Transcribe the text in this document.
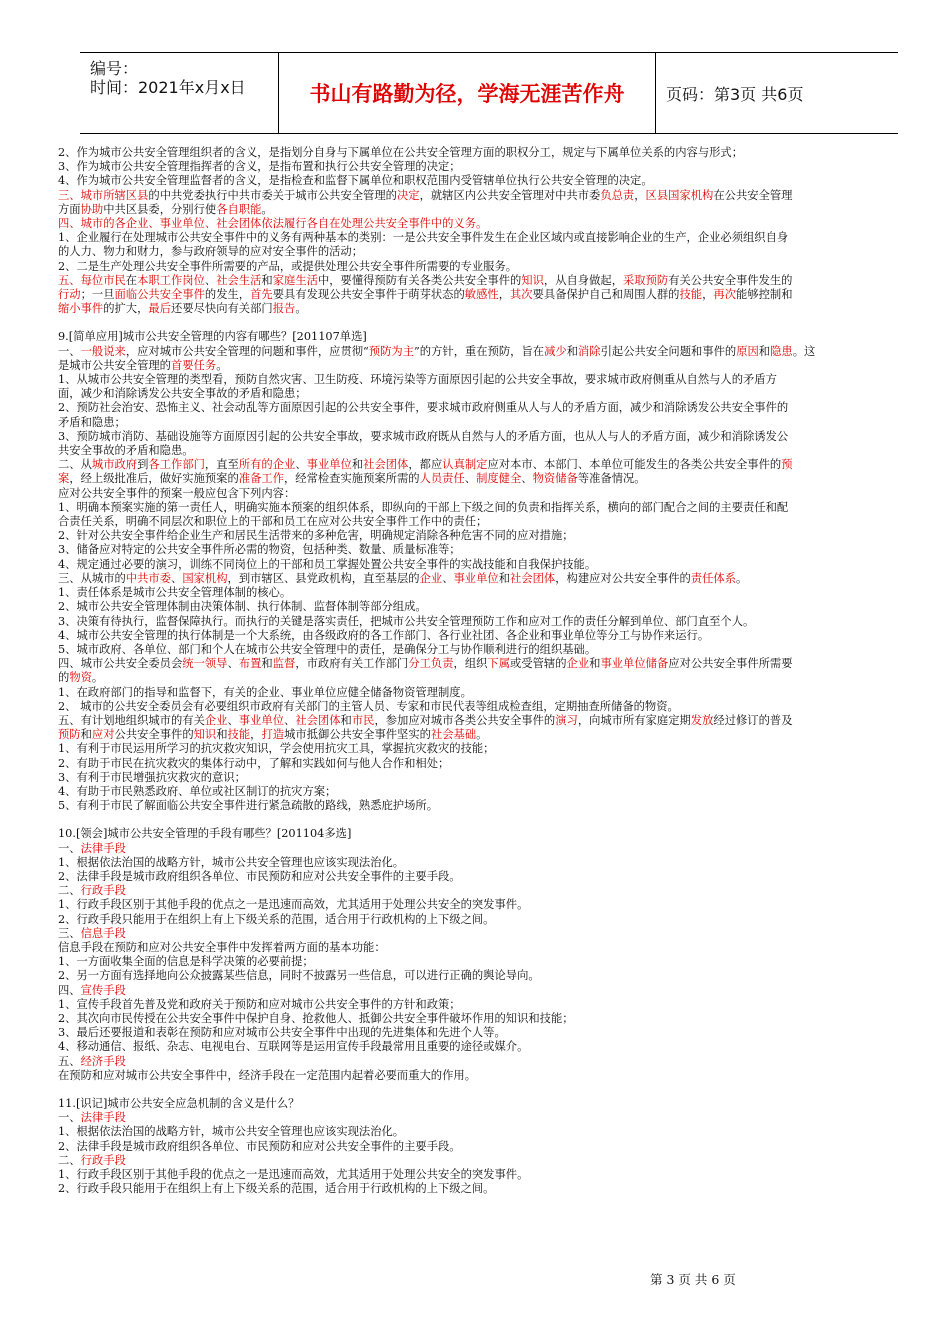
编号：
时间：2021年x月x日	书山有路勤为径，学海无涯苦作舟	页码：第3页 共6页

2、作为城市公共安全管理组织者的含义，是指划分自身与下属单位在公共安全管理方面的职权分工，规定与下属单位关系的内容与形式；

3、作为城市公共安全管理指挥者的含义，是指布置和执行公共安全管理的决定；

4、作为城市公共安全管理监督者的含义，是指检查和监督下属单位和职权范围内受管辖单位执行公共安全管理的决定。

三、城市所辖区县的中共党委执行中共市委关于城市公共安全管理的决定，就辖区内公共安全管理对中共市委负总责，区县国家机构在公共安全管理

方面协助中共区县委，分别行使各自职能。

四、城市的各企业、事业单位、社会团体依法履行各自在处理公共安全事件中的义务。

1、企业履行在处理城市公共安全事件中的义务有两种基本的类别：一是公共安全事件发生在企业区域内或直接影响企业的生产，企业必须组织自身

的人力、物力和财力，参与政府领导的应对安全事件的活动；

2、二是生产处理公共安全事件所需要的产品，或提供处理公共安全事件所需要的专业服务。

五、每位市民在本职工作岗位、社会生活和家庭生活中，要懂得预防有关各类公共安全事件的知识，从自身做起，采取预防有关公共安全事件发生的

行动；一旦面临公共安全事件的发生，首先要具有发现公共安全事件于萌芽状态的敏感性，其次要具备保护自己和周围人群的技能，再次能够控制和

缩小事件的扩大，最后还要尽快向有关部门报告。

9.[简单应用]城市公共安全管理的内容有哪些？[201107单选]

一、一般说来，应对城市公共安全管理的问题和事件，应贯彻“预防为主”的方针，重在预防，旨在减少和消除引起公共安全问题和事件的原因和隐患。这

是城市公共安全管理的首要任务。

1、从城市公共安全管理的类型看，预防自然灾害、卫生防疫、环境污染等方面原因引起的公共安全事故，要求城市政府侧重从自然与人的矛盾方

面，减少和消除诱发公共安全事故的矛盾和隐患；

2、预防社会治安、恐怖主义、社会动乱等方面原因引起的公共安全事件，要求城市政府侧重从人与人的矛盾方面，减少和消除诱发公共安全事件的

矛盾和隐患；

3、预防城市消防、基础设施等方面原因引起的公共安全事故，要求城市政府既从自然与人的矛盾方面，也从人与人的矛盾方面，减少和消除诱发公

共安全事故的矛盾和隐患。

二、从城市政府到各工作部门，直至所有的企业、事业单位和社会团体，都应认真制定应对本市、本部门、本单位可能发生的各类公共安全事件的预

案，经上级批准后，做好实施预案的准备工作，经常检查实施预案所需的人员责任、制度健全、物资储备等准备情况。

应对公共安全事件的预案一般应包含下列内容：

1、明确本预案实施的第一责任人，明确实施本预案的组织体系，即纵向的干部上下级之间的负责和指挥关系，横向的部门配合之间的主要责任和配

合责任关系，明确不同层次和职位上的干部和员工在应对公共安全事件工作中的责任；

2、针对公共安全事件给企业生产和居民生活带来的多种危害，明确规定消除各种危害不同的应对措施；

3、储备应对特定的公共安全事件所必需的物资，包括种类、数量、质量标准等；

4、规定通过必要的演习，训练不同岗位上的干部和员工掌握处置公共安全事件的实战技能和自我保护技能。

三、从城市的中共市委、国家机构，到市辖区、县党政机构，直至基层的企业、事业单位和社会团体，构建应对公共安全事件的责任体系。

1、责任体系是城市公共安全管理体制的核心。

2、城市公共安全管理体制由决策体制、执行体制、监督体制等部分组成。

3、决策有待执行，监督保障执行。而执行的关键是落实责任，把城市公共安全管理预防工作和应对工作的责任分解到单位、部门直至个人。

4、城市公共安全管理的执行体制是一个大系统，由各级政府的各工作部门、各行业社团、各企业和事业单位等分工与协作来运行。

5、城市政府、各单位、部门和个人在城市公共安全管理中的责任，是确保分工与协作顺利进行的组织基础。

四、城市公共安全委员会统一领导、布置和监督，市政府有关工作部门分工负责，组织下属或受管辖的企业和事业单位储备应对公共安全事件所需要

的物资。

1、在政府部门的指导和监督下，有关的企业、事业单位应健全储备物资管理制度。

2、 城市的公共安全委员会有必要组织市政府有关部门的主管人员、专家和市民代表等组成检查组，定期抽查所储备的物资。

五、有计划地组织城市的有关企业、事业单位、社会团体和市民，参加应对城市各类公共安全事件的演习，向城市所有家庭定期发放经过修订的普及

预防和应对公共安全事件的知识和技能，打造城市抵御公共安全事件坚实的社会基础。

1、有利于市民运用所学习的抗灾救灾知识，学会使用抗灾工具，掌握抗灾救灾的技能；

2、有助于市民在抗灾救灾的集体行动中，了解和实践如何与他人合作和相处；

3、有利于市民增强抗灾救灾的意识；

4、有助于市民熟悉政府、单位或社区制订的抗灾方案；

5、有利于市民了解面临公共安全事件进行紧急疏散的路线，熟悉庇护场所。

10.[领会]城市公共安全管理的手段有哪些？[201104多选]

一、法律手段

1、根据依法治国的战略方针，城市公共安全管理也应该实现法治化。

2、法律手段是城市政府组织各单位、市民预防和应对公共安全事件的主要手段。

二、行政手段

1、行政手段区别于其他手段的优点之一是迅速而高效，尤其适用于处理公共安全的突发事件。

2、行政手段只能用于在组织上有上下级关系的范围，适合用于行政机构的上下级之间。

三、信息手段

信息手段在预防和应对公共安全事件中发挥着两方面的基本功能：

1、一方面收集全面的信息是科学决策的必要前提；

2、另一方面有选择地向公众披露某些信息，同时不披露另一些信息，可以进行正确的舆论导向。

四、宣传手段

1、宣传手段首先普及党和政府关于预防和应对城市公共安全事件的方针和政策；

2、其次向市民传授在公共安全事件中保护自身、抢救他人、抵御公共安全事件破坏作用的知识和技能；

3、最后还要报道和表彰在预防和应对城市公共安全事件中出现的先进集体和先进个人等。

4、移动通信、报纸、杂志、电视电台、互联网等是运用宣传手段最常用且重要的途径或媒介。

五、经济手段

在预防和应对城市公共安全事件中，经济手段在一定范围内起着必要而重大的作用。

11.[识记]城市公共安全应急机制的含义是什么？

一、法律手段

1、根据依法治国的战略方针，城市公共安全管理也应该实现法治化。

2、法律手段是城市政府组织各单位、市民预防和应对公共安全事件的主要手段。

二、行政手段

1、行政手段区别于其他手段的优点之一是迅速而高效，尤其适用于处理公共安全的突发事件。

2、行政手段只能用于在组织上有上下级关系的范围，适合用于行政机构的上下级之间。

第 3 页 共 6 页
